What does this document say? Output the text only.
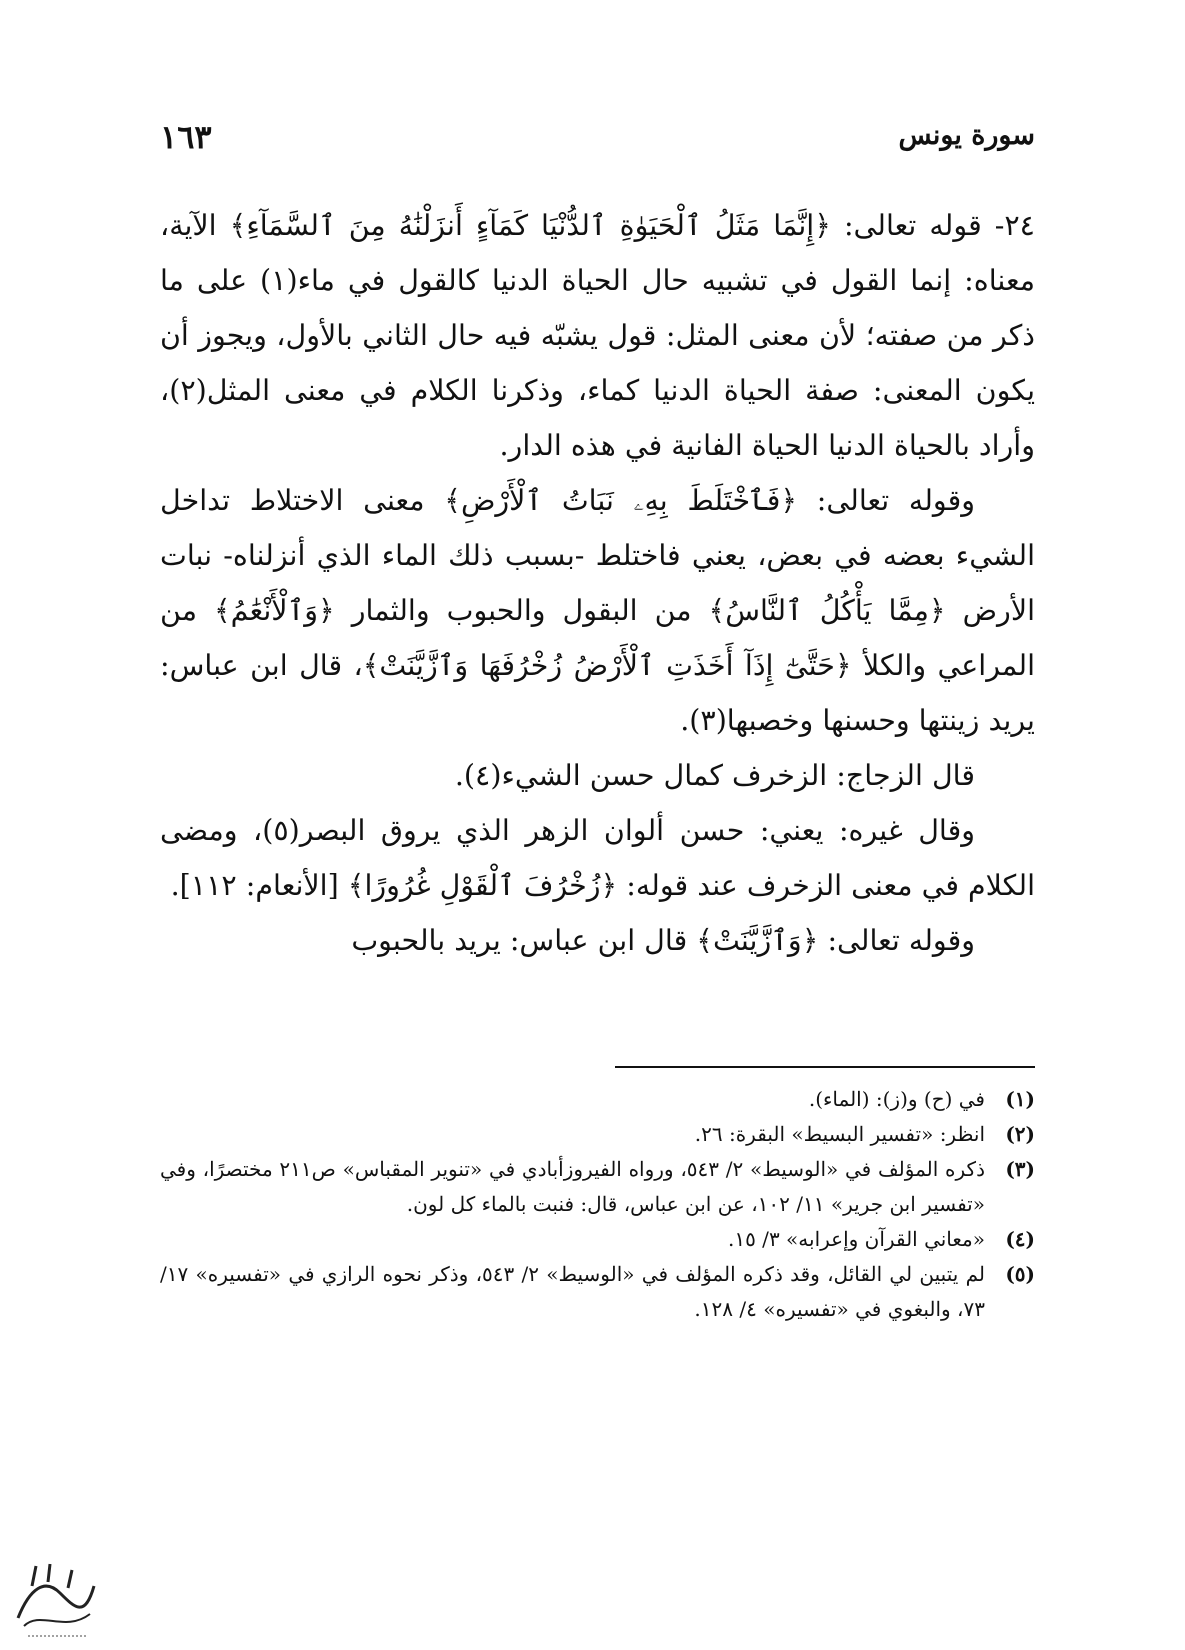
سورة يونس
١٦٣

٢٤- قوله تعالى: ﴿إِنَّمَا مَثَلُ ٱلْحَيَوٰةِ ٱلدُّنْيَا كَمَآءٍ أَنزَلْنَٰهُ مِنَ ٱلسَّمَآءِ﴾ الآية، معناه: إنما القول في تشبيه حال الحياة الدنيا كالقول في ماء(١) على ما ذكر من صفته؛ لأن معنى المثل: قول يشبّه فيه حال الثاني بالأول، ويجوز أن يكون المعنى: صفة الحياة الدنيا كماء، وذكرنا الكلام في معنى المثل(٢)، وأراد بالحياة الدنيا الحياة الفانية في هذه الدار.

وقوله تعالى: ﴿فَٱخْتَلَطَ بِهِۦ نَبَاتُ ٱلْأَرْضِ﴾ معنى الاختلاط تداخل الشيء بعضه في بعض، يعني فاختلط -بسبب ذلك الماء الذي أنزلناه- نبات الأرض ﴿مِمَّا يَأْكُلُ ٱلنَّاسُ﴾ من البقول والحبوب والثمار ﴿وَٱلْأَنْعَٰمُ﴾ من المراعي والكلأ ﴿حَتَّىٰٓ إِذَآ أَخَذَتِ ٱلْأَرْضُ زُخْرُفَهَا وَٱزَّيَّنَتْ﴾، قال ابن عباس: يريد زينتها وحسنها وخصبها(٣).

قال الزجاج: الزخرف كمال حسن الشيء(٤).

وقال غيره: يعني: حسن ألوان الزهر الذي يروق البصر(٥)، ومضى الكلام في معنى الزخرف عند قوله: ﴿زُخْرُفَ ٱلْقَوْلِ غُرُورًا﴾ [الأنعام: ١١٢].

وقوله تعالى: ﴿وَٱزَّيَّنَتْ﴾ قال ابن عباس: يريد بالحبوب

(١)
في (ح) و(ز): (الماء).
(٢)
انظر: «تفسير البسيط» البقرة: ٢٦.
(٣)
ذكره المؤلف في «الوسيط» ٢/ ٥٤٣، ورواه الفيروزأبادي في «تنوير المقباس» ص٢١١ مختصرًا، وفي «تفسير ابن جرير» ١١/ ١٠٢، عن ابن عباس، قال: فنبت بالماء كل لون.
(٤)
«معاني القرآن وإعرابه» ٣/ ١٥.
(٥)
لم يتبين لي القائل، وقد ذكره المؤلف في «الوسيط» ٢/ ٥٤٣، وذكر نحوه الرازي في «تفسيره» ١٧/ ٧٣، والبغوي في «تفسيره» ٤/ ١٢٨.
